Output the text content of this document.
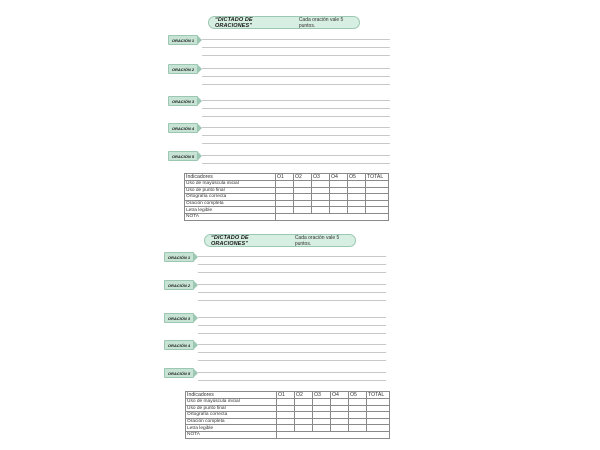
“DICTADO DE ORACIONES”
Cada oración vale 5 puntos.
ORACIÓN 1
ORACIÓN 2
ORACIÓN 3
ORACIÓN 4
ORACIÓN 5
Indicadores	O1	O2	O3	O4	O5	TOTAL
Uso de mayúscula inicial						
Uso de punto final						
Ortografía correcta						
Oración completa						
Letra legible						
NOTA						
“DICTADO DE ORACIONES”
Cada oración vale 5 puntos.
ORACIÓN 1
ORACIÓN 2
ORACIÓN 3
ORACIÓN 4
ORACIÓN 5
Indicadores	O1	O2	O3	O4	O5	TOTAL
Uso de mayúscula inicial						
Uso de punto final						
Ortografía correcta						
Oración completa						
Letra legible						
NOTA						
